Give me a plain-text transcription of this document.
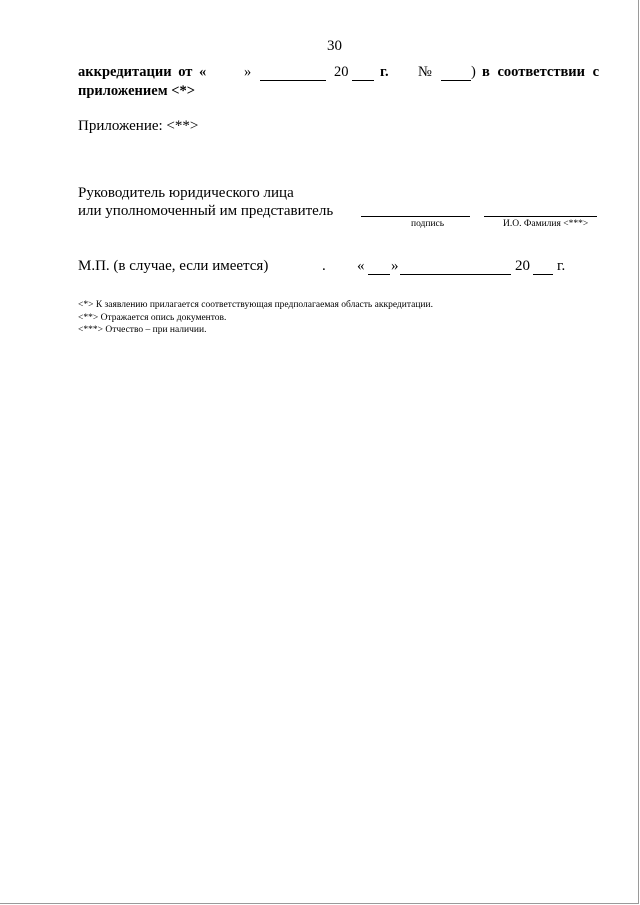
30
аккредитации от «	»	20 г. №	) в соответствии с
приложением <*>
Приложение: <**>
Руководитель юридического лица
или уполномоченный им представитель
подпись	И.О. Фамилия <***>
М.П. (в случае, если имеется)	. « »	20 г.
<*> К заявлению прилагается соответствующая предполагаемая область аккредитации.
<**> Отражается опись документов.
<***> Отчество – при наличии.
